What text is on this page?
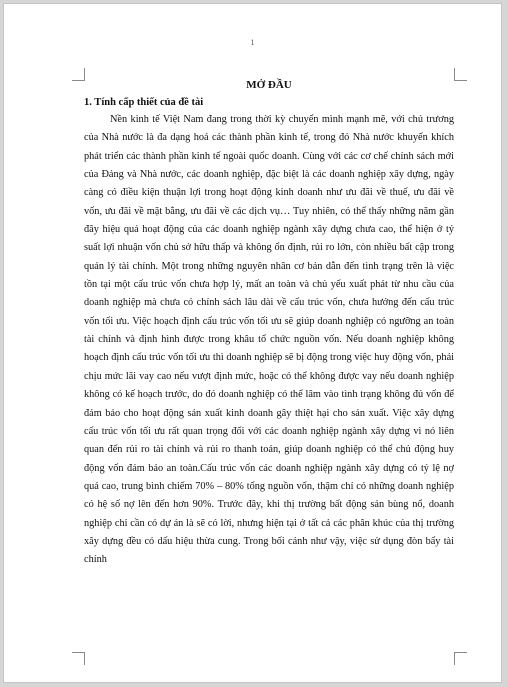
1
MỞ ĐẦU
1. Tính cấp thiết của đề tài

Nền kinh tế Việt Nam đang trong thời kỳ chuyển mình mạnh mẽ, với chủ trương của Nhà nước là đa dạng hoá các thành phần kinh tế, trong đó Nhà nước khuyến khích phát triển các thành phần kinh tế ngoài quốc doanh. Cùng với các cơ chế chính sách mới của Đảng và Nhà nước, các doanh nghiệp, đặc biệt là các doanh nghiệp xây dựng, ngày càng có điều kiện thuận lợi trong hoạt động kinh doanh như ưu đãi về thuế, ưu đãi về vốn, ưu đãi về mặt bằng, ưu đãi về các dịch vụ… Tuy nhiên, có thể thấy những năm gần đây hiệu quả hoạt động của các doanh nghiệp ngành xây dựng chưa cao, thể hiện ở tỷ suất lợi nhuận vốn chủ sở hữu thấp và không ổn định, rủi ro lớn, còn nhiều bất cập trong quản lý tài chính. Một trong những nguyên nhân cơ bản dẫn đến tình trạng trên là việc tồn tại một cấu trúc vốn chưa hợp lý, mất an toàn và chủ yếu xuất phát từ nhu cầu của doanh nghiệp mà chưa có chính sách lâu dài về cấu trúc vốn, chưa hướng đến cấu trúc vốn tối ưu. Việc hoạch định cấu trúc vốn tối ưu sẽ giúp doanh nghiệp có ngưỡng an toàn tài chính và định hình được trong khâu tổ chức nguồn vốn. Nếu doanh nghiệp không hoạch định cấu trúc vốn tối ưu thì doanh nghiệp sẽ bị động trong việc huy động vốn, phải chịu mức lãi vay cao nếu vượt định mức, hoặc có thể không được vay nếu doanh nghiệp không có kế hoạch trước, do đó doanh nghiệp có thể lâm vào tình trạng không đủ vốn để đảm bảo cho hoạt động sản xuất kinh doanh gây thiệt hại cho sản xuất. Việc xây dựng cấu trúc vốn tối ưu rất quan trọng đối với các doanh nghiệp ngành xây dựng vì nó liên quan đến rủi ro tài chính và rủi ro thanh toán, giúp doanh nghiệp có thể chủ động huy động vốn đảm bảo an toàn.Cấu trúc vốn các doanh nghiệp ngành xây dựng có tỷ lệ nợ quá cao, trung bình chiếm 70% – 80% tổng nguồn vốn, thậm chí có những doanh nghiệp có hệ số nợ lên đến hơn 90%. Trước đây, khi thị trường bất động sản bùng nổ, doanh nghiệp chỉ cần có dự án là sẽ có lời, nhưng hiện tại ở tất cả các phân khúc của thị trường xây dựng đều có dấu hiệu thừa cung. Trong bối cảnh như vậy, việc sử dụng đòn bẩy tài chính
